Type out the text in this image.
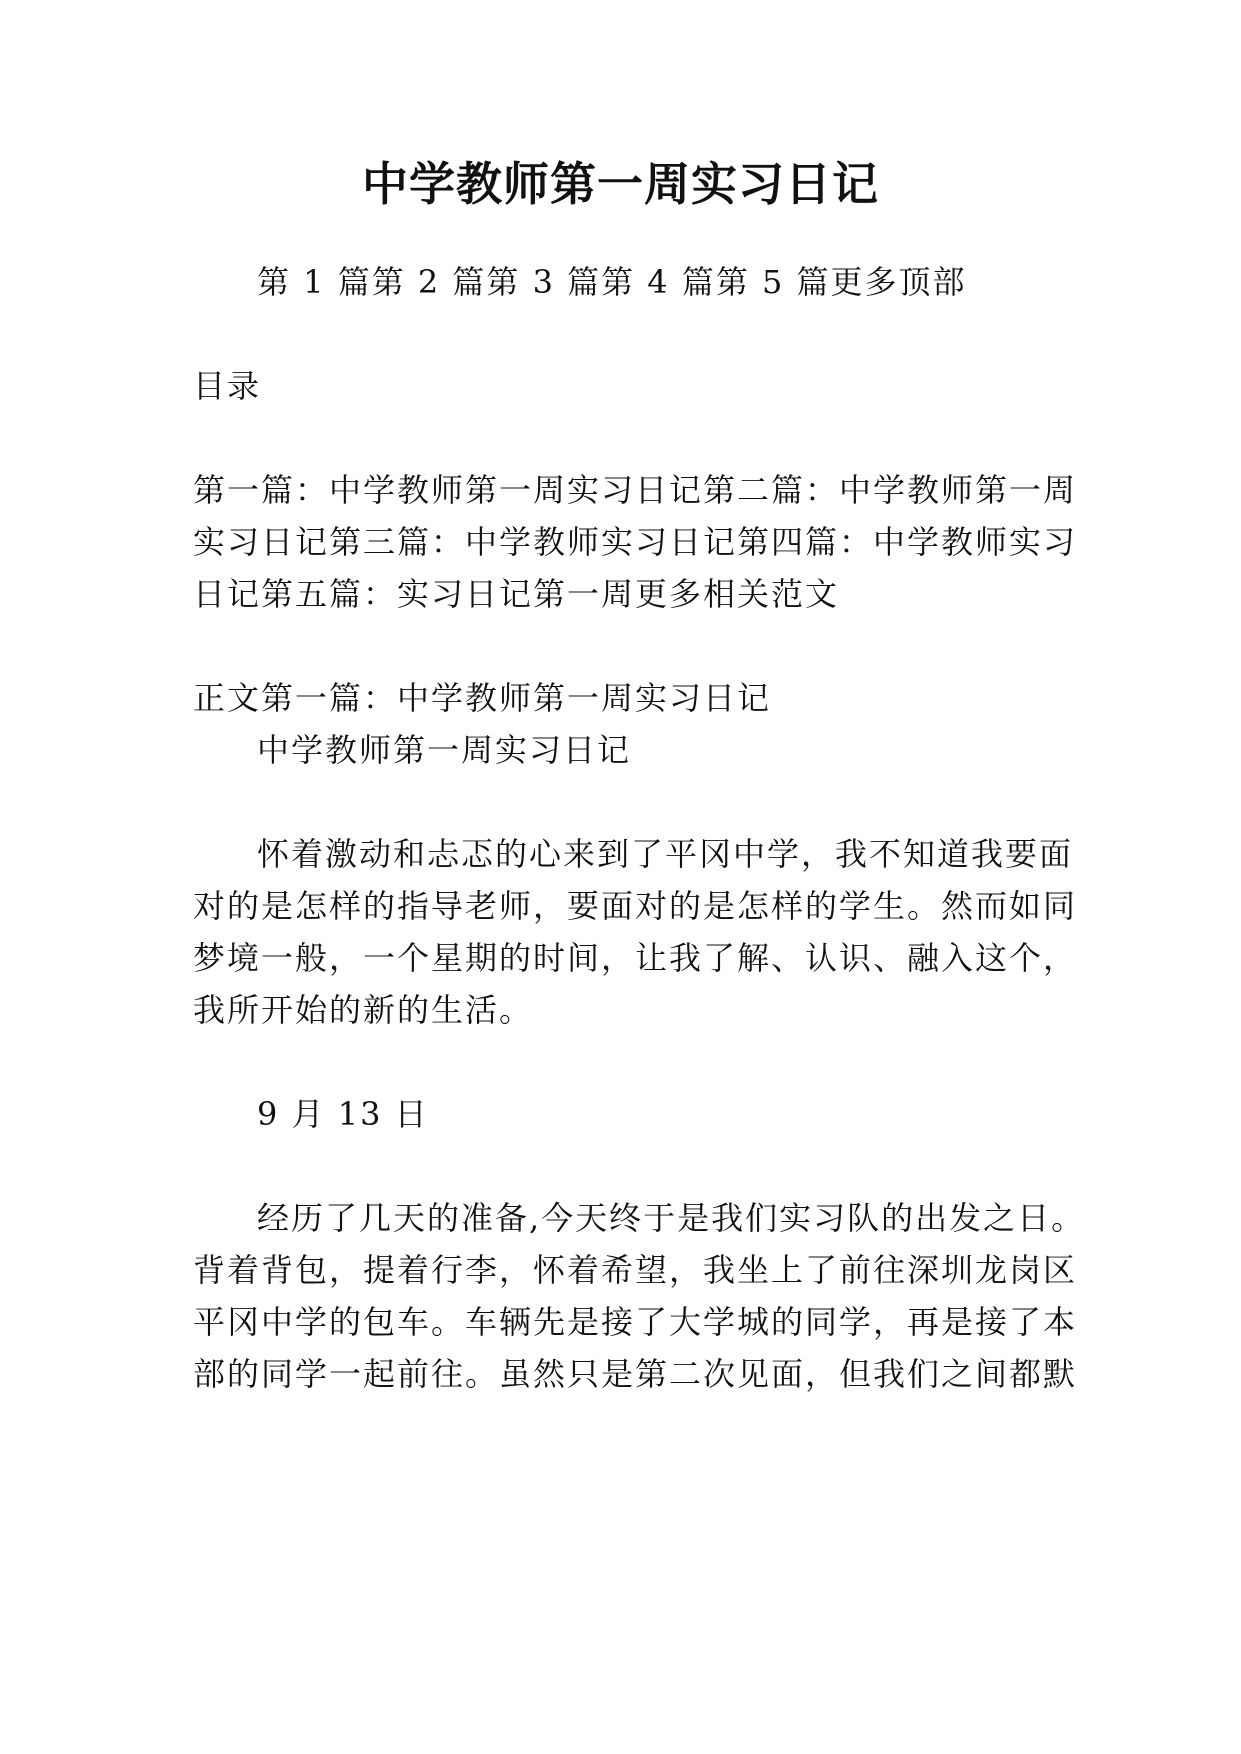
中学教师第一周实习日记
第 1 篇第 2 篇第 3 篇第 4 篇第 5 篇更多顶部
目录
第一篇：中学教师第一周实习日记第二篇：中学教师第一周
实习日记第三篇：中学教师实习日记第四篇：中学教师实习
日记第五篇：实习日记第一周更多相关范文
正文第一篇：中学教师第一周实习日记
中学教师第一周实习日记
怀着激动和忐忑的心来到了平冈中学，我不知道我要面
对的是怎样的指导老师，要面对的是怎样的学生。然而如同
梦境一般，一个星期的时间，让我了解、认识、融入这个，
我所开始的新的生活。
9 月 13 日
经历了几天的准备,今天终于是我们实习队的出发之日。
背着背包，提着行李，怀着希望，我坐上了前往深圳龙岗区
平冈中学的包车。车辆先是接了大学城的同学，再是接了本
部的同学一起前往。虽然只是第二次见面，但我们之间都默
